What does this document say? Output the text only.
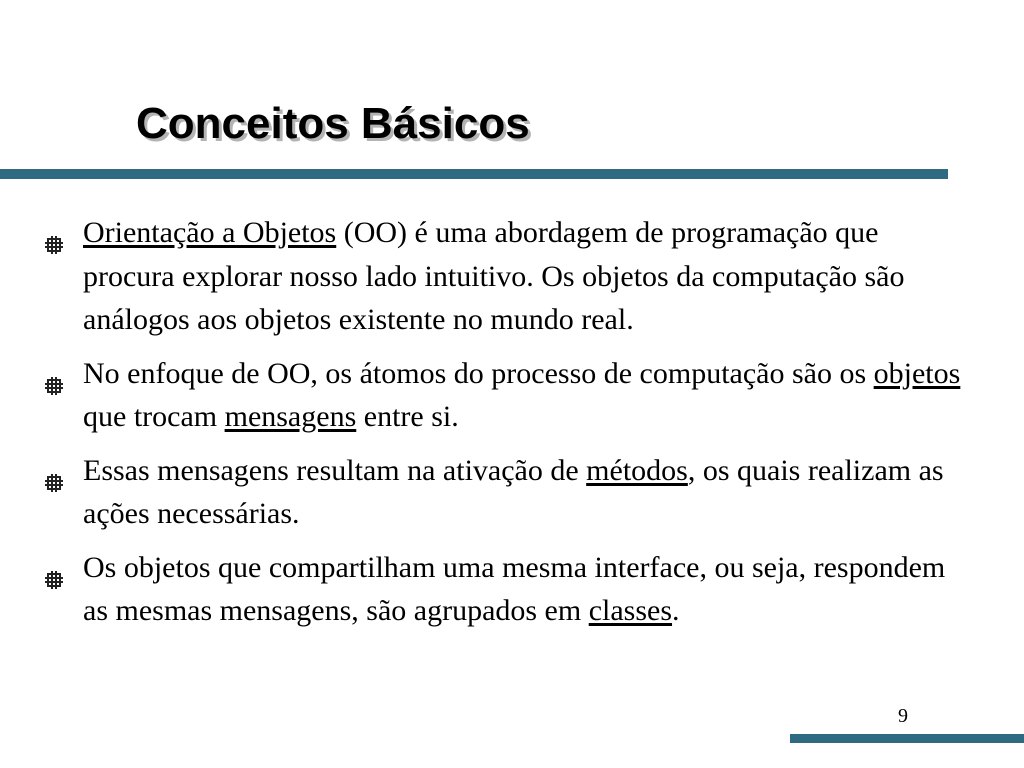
Conceitos Básicos
Orientação a Objetos (OO) é uma abordagem de programação que procura explorar nosso lado intuitivo. Os objetos da computação são análogos aos objetos existente no mundo real.
No enfoque de OO, os átomos do processo de computação são os objetos que trocam mensagens entre si.
Essas mensagens resultam na ativação de métodos, os quais realizam as ações necessárias.
Os objetos que compartilham uma mesma interface, ou seja, respondem as mesmas mensagens, são agrupados em classes.
9
